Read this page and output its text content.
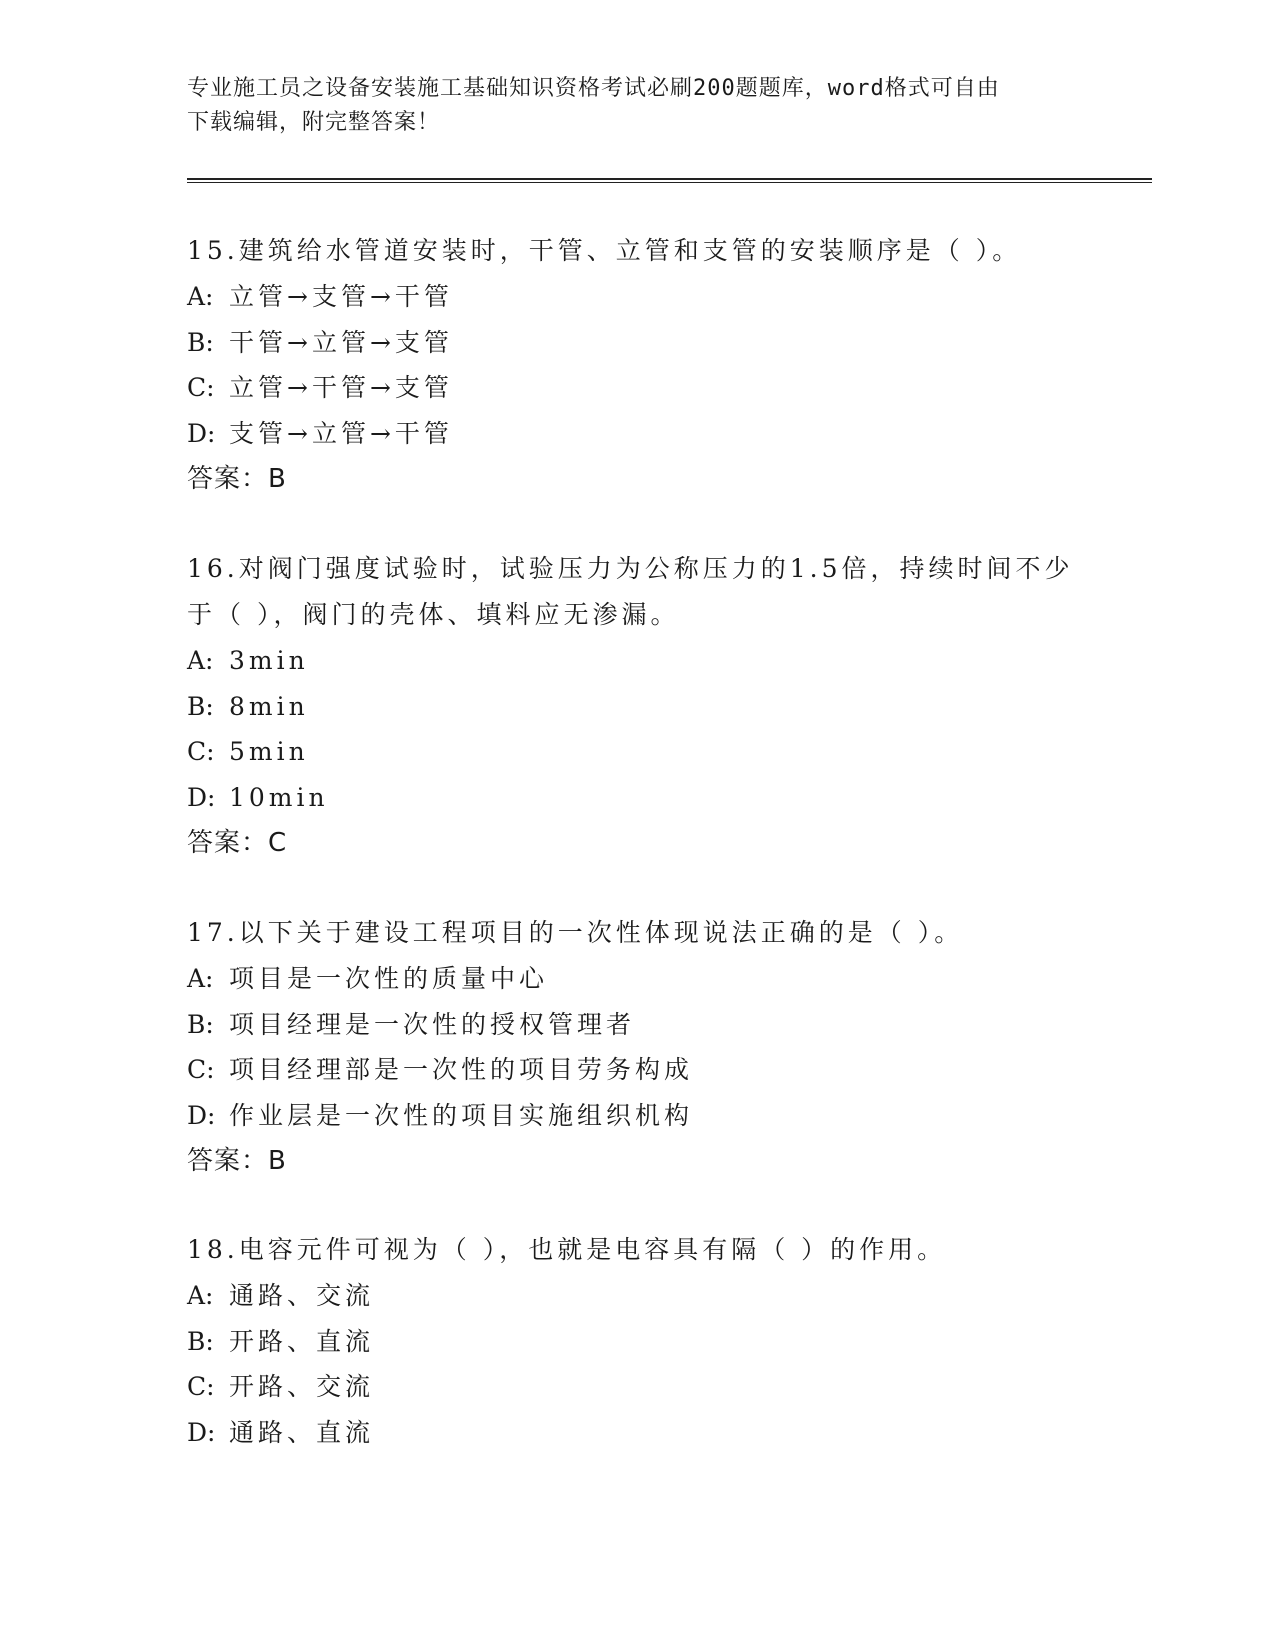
专业施工员之设备安装施工基础知识资格考试必刷200题题库，word格式可自由

下载编辑，附完整答案！

15.建筑给水管道安装时，干管、立管和支管的安装顺序是（ ）。

A: 立管→支管→干管

B: 干管→立管→支管

C: 立管→干管→支管

D: 支管→立管→干管

答案：B

16.对阀门强度试验时，试验压力为公称压力的1.5倍，持续时间不少

于（ ），阀门的壳体、填料应无渗漏。

A: 3min

B: 8min

C: 5min

D: 10min

答案：C

17.以下关于建设工程项目的一次性体现说法正确的是（ ）。

A: 项目是一次性的质量中心

B: 项目经理是一次性的授权管理者

C: 项目经理部是一次性的项目劳务构成

D: 作业层是一次性的项目实施组织机构

答案：B

18.电容元件可视为（ ），也就是电容具有隔（ ）的作用。

A: 通路、交流

B: 开路、直流

C: 开路、交流

D: 通路、直流
